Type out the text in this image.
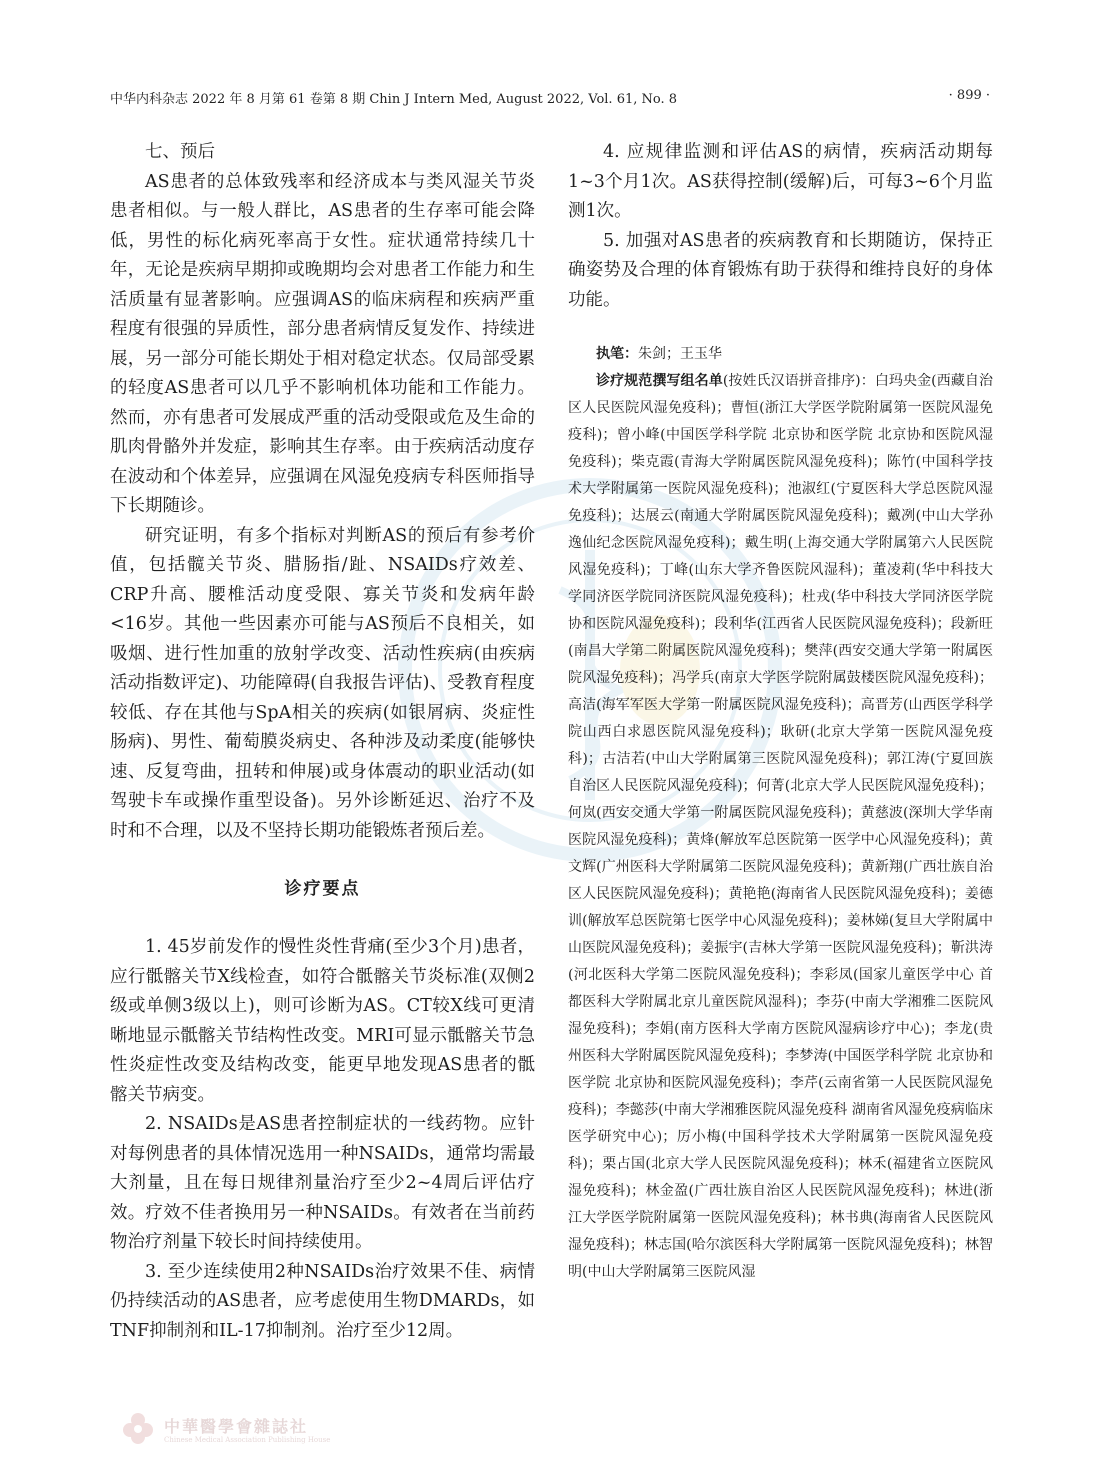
中华内科杂志 2022 年 8 月第 61 卷第 8 期 Chin J Intern Med, August 2022, Vol. 61, No. 8	· 899 ·
七、预后

AS患者的总体致残率和经济成本与类风湿关节炎患者相似。与一般人群比，AS患者的生存率可能会降低，男性的标化病死率高于女性。症状通常持续几十年，无论是疾病早期抑或晚期均会对患者工作能力和生活质量有显著影响。应强调AS的临床病程和疾病严重程度有很强的异质性，部分患者病情反复发作、持续进展，另一部分可能长期处于相对稳定状态。仅局部受累的轻度AS患者可以几乎不影响机体功能和工作能力。然而，亦有患者可发展成严重的活动受限或危及生命的肌肉骨骼外并发症，影响其生存率。由于疾病活动度存在波动和个体差异，应强调在风湿免疫病专科医师指导下长期随诊。

研究证明，有多个指标对判断AS的预后有参考价值，包括髋关节炎、腊肠指/趾、NSAIDs疗效差、CRP升高、腰椎活动度受限、寡关节炎和发病年龄<16岁。其他一些因素亦可能与AS预后不良相关，如吸烟、进行性加重的放射学改变、活动性疾病(由疾病活动指数评定)、功能障碍(自我报告评估)、受教育程度较低、存在其他与SpA相关的疾病(如银屑病、炎症性肠病)、男性、葡萄膜炎病史、各种涉及动柔度(能够快速、反复弯曲，扭转和伸展)或身体震动的职业活动(如驾驶卡车或操作重型设备)。另外诊断延迟、治疗不及时和不合理，以及不坚持长期功能锻炼者预后差。

诊疗要点

1. 45岁前发作的慢性炎性背痛(至少3个月)患者，应行骶髂关节X线检查，如符合骶髂关节炎标准(双侧2级或单侧3级以上)，则可诊断为AS。CT较X线可更清晰地显示骶髂关节结构性改变。MRI可显示骶髂关节急性炎症性改变及结构改变，能更早地发现AS患者的骶髂关节病变。

2. NSAIDs是AS患者控制症状的一线药物。应针对每例患者的具体情况选用一种NSAIDs，通常均需最大剂量，且在每日规律剂量治疗至少2~4周后评估疗效。疗效不佳者换用另一种NSAIDs。有效者在当前药物治疗剂量下较长时间持续使用。

3. 至少连续使用2种NSAIDs治疗效果不佳、病情仍持续活动的AS患者，应考虑使用生物DMARDs，如TNF抑制剂和IL-17抑制剂。治疗至少12周。

4. 应规律监测和评估AS的病情，疾病活动期每1~3个月1次。AS获得控制(缓解)后，可每3~6个月监测1次。

5. 加强对AS患者的疾病教育和长期随访，保持正确姿势及合理的体育锻炼有助于获得和维持良好的身体功能。

执笔：朱剑；王玉华

诊疗规范撰写组名单(按姓氏汉语拼音排序)：白玛央金(西藏自治区人民医院风湿免疫科)；曹恒(浙江大学医学院附属第一医院风湿免疫科)；曾小峰(中国医学科学院 北京协和医学院 北京协和医院风湿免疫科)；柴克霞(青海大学附属医院风湿免疫科)；陈竹(中国科学技术大学附属第一医院风湿免疫科)；池淑红(宁夏医科大学总医院风湿免疫科)；达展云(南通大学附属医院风湿免疫科)；戴冽(中山大学孙逸仙纪念医院风湿免疫科)；戴生明(上海交通大学附属第六人民医院风湿免疫科)；丁峰(山东大学齐鲁医院风湿科)；董凌莉(华中科技大学同济医学院同济医院风湿免疫科)；杜戎(华中科技大学同济医学院协和医院风湿免疫科)；段利华(江西省人民医院风湿免疫科)；段新旺(南昌大学第二附属医院风湿免疫科)；樊萍(西安交通大学第一附属医院风湿免疫科)；冯学兵(南京大学医学院附属鼓楼医院风湿免疫科)；高洁(海军军医大学第一附属医院风湿免疫科)；高晋芳(山西医学科学院山西白求恩医院风湿免疫科)；耿研(北京大学第一医院风湿免疫科)；古洁若(中山大学附属第三医院风湿免疫科)；郭江涛(宁夏回族自治区人民医院风湿免疫科)；何菁(北京大学人民医院风湿免疫科)；何岚(西安交通大学第一附属医院风湿免疫科)；黄慈波(深圳大学华南医院风湿免疫科)；黄烽(解放军总医院第一医学中心风湿免疫科)；黄文辉(广州医科大学附属第二医院风湿免疫科)；黄新翔(广西壮族自治区人民医院风湿免疫科)；黄艳艳(海南省人民医院风湿免疫科)；姜德训(解放军总医院第七医学中心风湿免疫科)；姜林娣(复旦大学附属中山医院风湿免疫科)；姜振宇(吉林大学第一医院风湿免疫科)；靳洪涛(河北医科大学第二医院风湿免疫科)；李彩凤(国家儿童医学中心 首都医科大学附属北京儿童医院风湿科)；李芬(中南大学湘雅二医院风湿免疫科)；李娟(南方医科大学南方医院风湿病诊疗中心)；李龙(贵州医科大学附属医院风湿免疫科)；李梦涛(中国医学科学院 北京协和医学院 北京协和医院风湿免疫科)；李芹(云南省第一人民医院风湿免疫科)；李懿莎(中南大学湘雅医院风湿免疫科 湖南省风湿免疫病临床医学研究中心)；厉小梅(中国科学技术大学附属第一医院风湿免疫科)；栗占国(北京大学人民医院风湿免疫科)；林禾(福建省立医院风湿免疫科)；林金盈(广西壮族自治区人民医院风湿免疫科)；林进(浙江大学医学院附属第一医院风湿免疫科)；林书典(海南省人民医院风湿免疫科)；林志国(哈尔滨医科大学附属第一医院风湿免疫科)；林智明(中山大学附属第三医院风湿

中華醫學會雜誌社
Chinese Medical Association Publishing House
